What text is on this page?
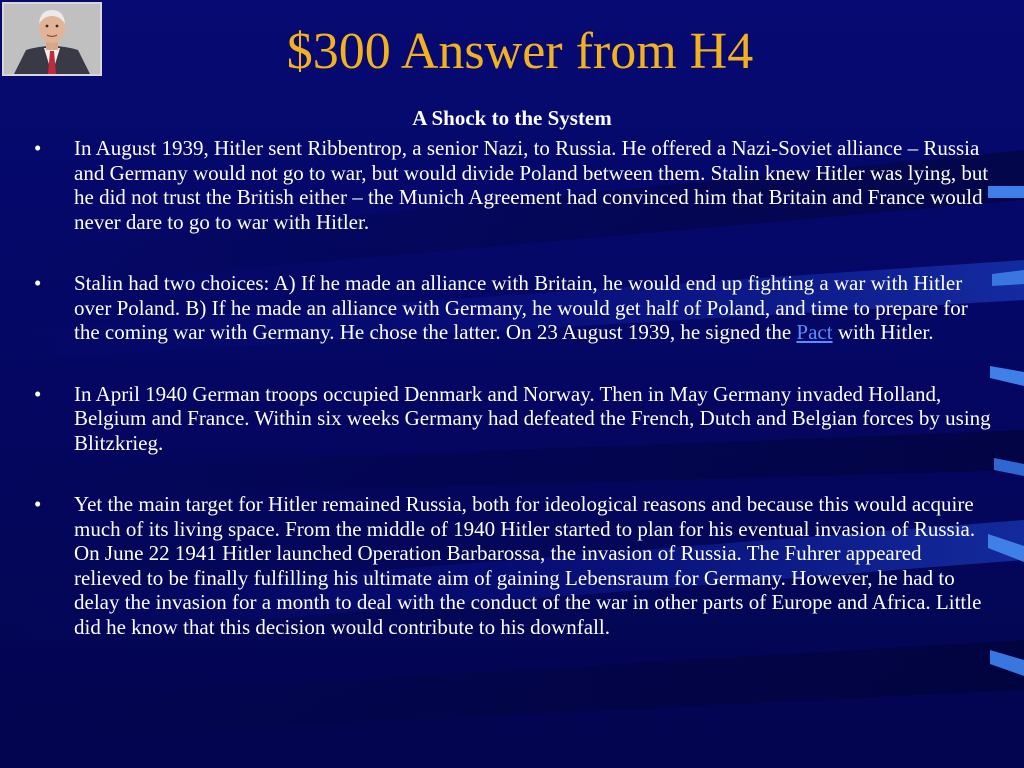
$300 Answer from H4
A Shock to the System
• In August 1939, Hitler sent Ribbentrop, a senior Nazi, to Russia. He offered a Nazi-Soviet alliance – Russia and Germany would not go to war, but would divide Poland between them. Stalin knew Hitler was lying, but he did not trust the British either – the Munich Agreement had convinced him that Britain and France would never dare to go to war with Hitler.
• Stalin had two choices: A) If he made an alliance with Britain, he would end up fighting a war with Hitler over Poland. B) If he made an alliance with Germany, he would get half of Poland, and time to prepare for the coming war with Germany. He chose the latter. On 23 August 1939, he signed the Pact with Hitler.
• In April 1940 German troops occupied Denmark and Norway. Then in May Germany invaded Holland, Belgium and France. Within six weeks Germany had defeated the French, Dutch and Belgian forces by using Blitzkrieg.
• Yet the main target for Hitler remained Russia, both for ideological reasons and because this would acquire much of its living space. From the middle of 1940 Hitler started to plan for his eventual invasion of Russia. On June 22 1941 Hitler launched Operation Barbarossa, the invasion of Russia. The Fuhrer appeared relieved to be finally fulfilling his ultimate aim of gaining Lebensraum for Germany. However, he had to delay the invasion for a month to deal with the conduct of the war in other parts of Europe and Africa. Little did he know that this decision would contribute to his downfall.
